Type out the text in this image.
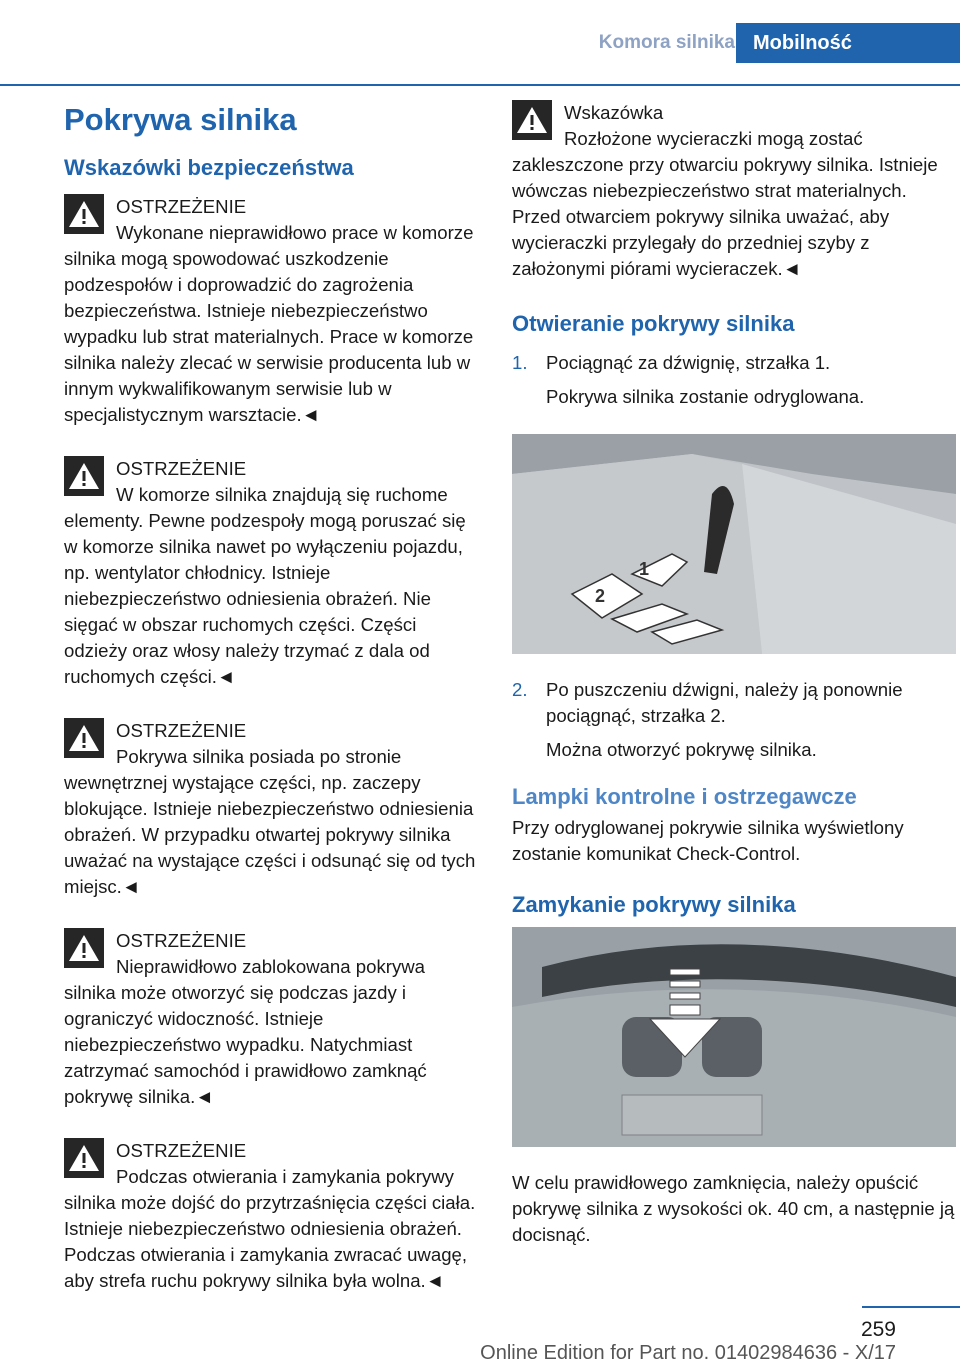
Komora silnika Mobilność
Pokrywa silnika
Wskazówki bezpieczeństwa
OSTRZEŻENIE
Wykonane nieprawidłowo prace w komorze silnika mogą spowodować uszkodzenie podzespołów i doprowadzić do zagrożenia bezpieczeństwa. Istnieje niebezpieczeństwo wypadku lub strat materialnych. Prace w komorze silnika należy zlecać w serwisie producenta lub w innym wykwalifikowanym serwisie lub w specjalistycznym warsztacie.◄
OSTRZEŻENIE
W komorze silnika znajdują się ruchome elementy. Pewne podzespoły mogą poruszać się w komorze silnika nawet po wyłączeniu pojazdu, np. wentylator chłodnicy. Istnieje niebezpieczeństwo odniesienia obrażeń. Nie sięgać w obszar ruchomych części. Części odzieży oraz włosy należy trzymać z dala od ruchomych części.◄
OSTRZEŻENIE
Pokrywa silnika posiada po stronie wewnętrznej wystające części, np. zaczepy blokujące. Istnieje niebezpieczeństwo odniesienia obrażeń. W przypadku otwartej pokrywy silnika uważać na wystające części i odsunąć się od tych miejsc.◄
OSTRZEŻENIE
Nieprawidłowo zablokowana pokrywa silnika może otworzyć się podczas jazdy i ograniczyć widoczność. Istnieje niebezpieczeństwo wypadku. Natychmiast zatrzymać samochód i prawidłowo zamknąć pokrywę silnika.◄
OSTRZEŻENIE
Podczas otwierania i zamykania pokrywy silnika może dojść do przytrzaśnięcia części ciała. Istnieje niebezpieczeństwo odniesienia obrażeń. Podczas otwierania i zamykania zwracać uwagę, aby strefa ruchu pokrywy silnika była wolna.◄
Wskazówka
Rozłożone wycieraczki mogą zostać zakleszczone przy otwarciu pokrywy silnika. Istnieje wówczas niebezpieczeństwo strat materialnych. Przed otwarciem pokrywy silnika uważać, aby wycieraczki przylegały do przedniej szyby z założonymi piórami wycieraczek.◄
Otwieranie pokrywy silnika
1. Pociągnąć za dźwignię, strzałka 1.
Pokrywa silnika zostanie odryglowana.
1
2
2. Po puszczeniu dźwigni, należy ją ponownie pociągnąć, strzałka 2.
Można otworzyć pokrywę silnika.
Lampki kontrolne i ostrzegawcze

Przy odryglowanej pokrywie silnika wyświetlony zostanie komunikat Check-Control.

Zamykanie pokrywy silnika

W celu prawidłowego zamknięcia, należy opuścić pokrywę silnika z wysokości ok. 40 cm, a następnie ją docisnąć.

259
Online Edition for Part no. 01402984636 - X/17
